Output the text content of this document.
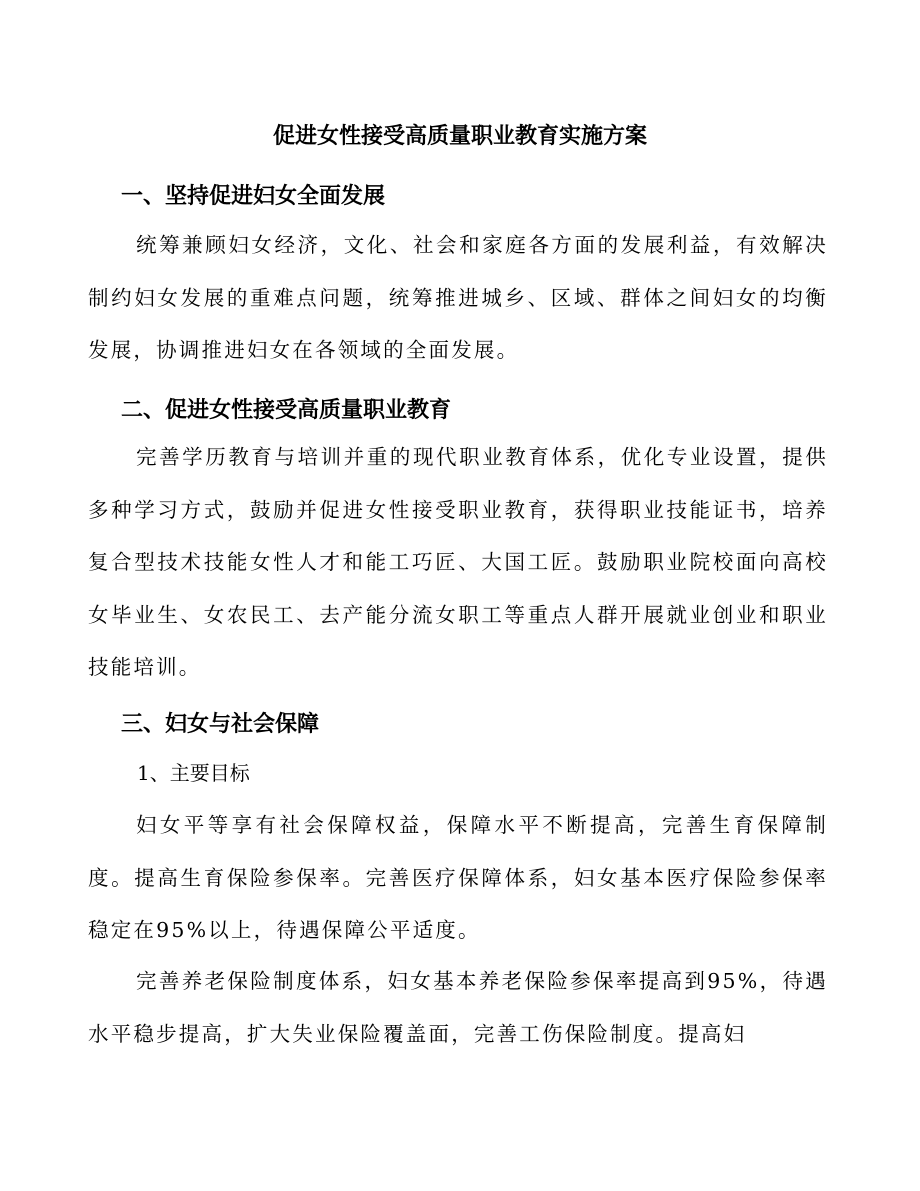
促进女性接受高质量职业教育实施方案
一、坚持促进妇女全面发展
统筹兼顾妇女经济，文化、社会和家庭各方面的发展利益，有效解决制约妇女发展的重难点问题，统筹推进城乡、区域、群体之间妇女的均衡发展，协调推进妇女在各领域的全面发展。
二、促进女性接受高质量职业教育
完善学历教育与培训并重的现代职业教育体系，优化专业设置，提供多种学习方式，鼓励并促进女性接受职业教育，获得职业技能证书，培养复合型技术技能女性人才和能工巧匠、大国工匠。鼓励职业院校面向高校女毕业生、女农民工、去产能分流女职工等重点人群开展就业创业和职业技能培训。
三、妇女与社会保障
1、主要目标
妇女平等享有社会保障权益，保障水平不断提高，完善生育保障制度。提高生育保险参保率。完善医疗保障体系，妇女基本医疗保险参保率稳定在95%以上，待遇保障公平适度。
完善养老保险制度体系，妇女基本养老保险参保率提高到95%，待遇水平稳步提高，扩大失业保险覆盖面，完善工伤保险制度。提高妇
